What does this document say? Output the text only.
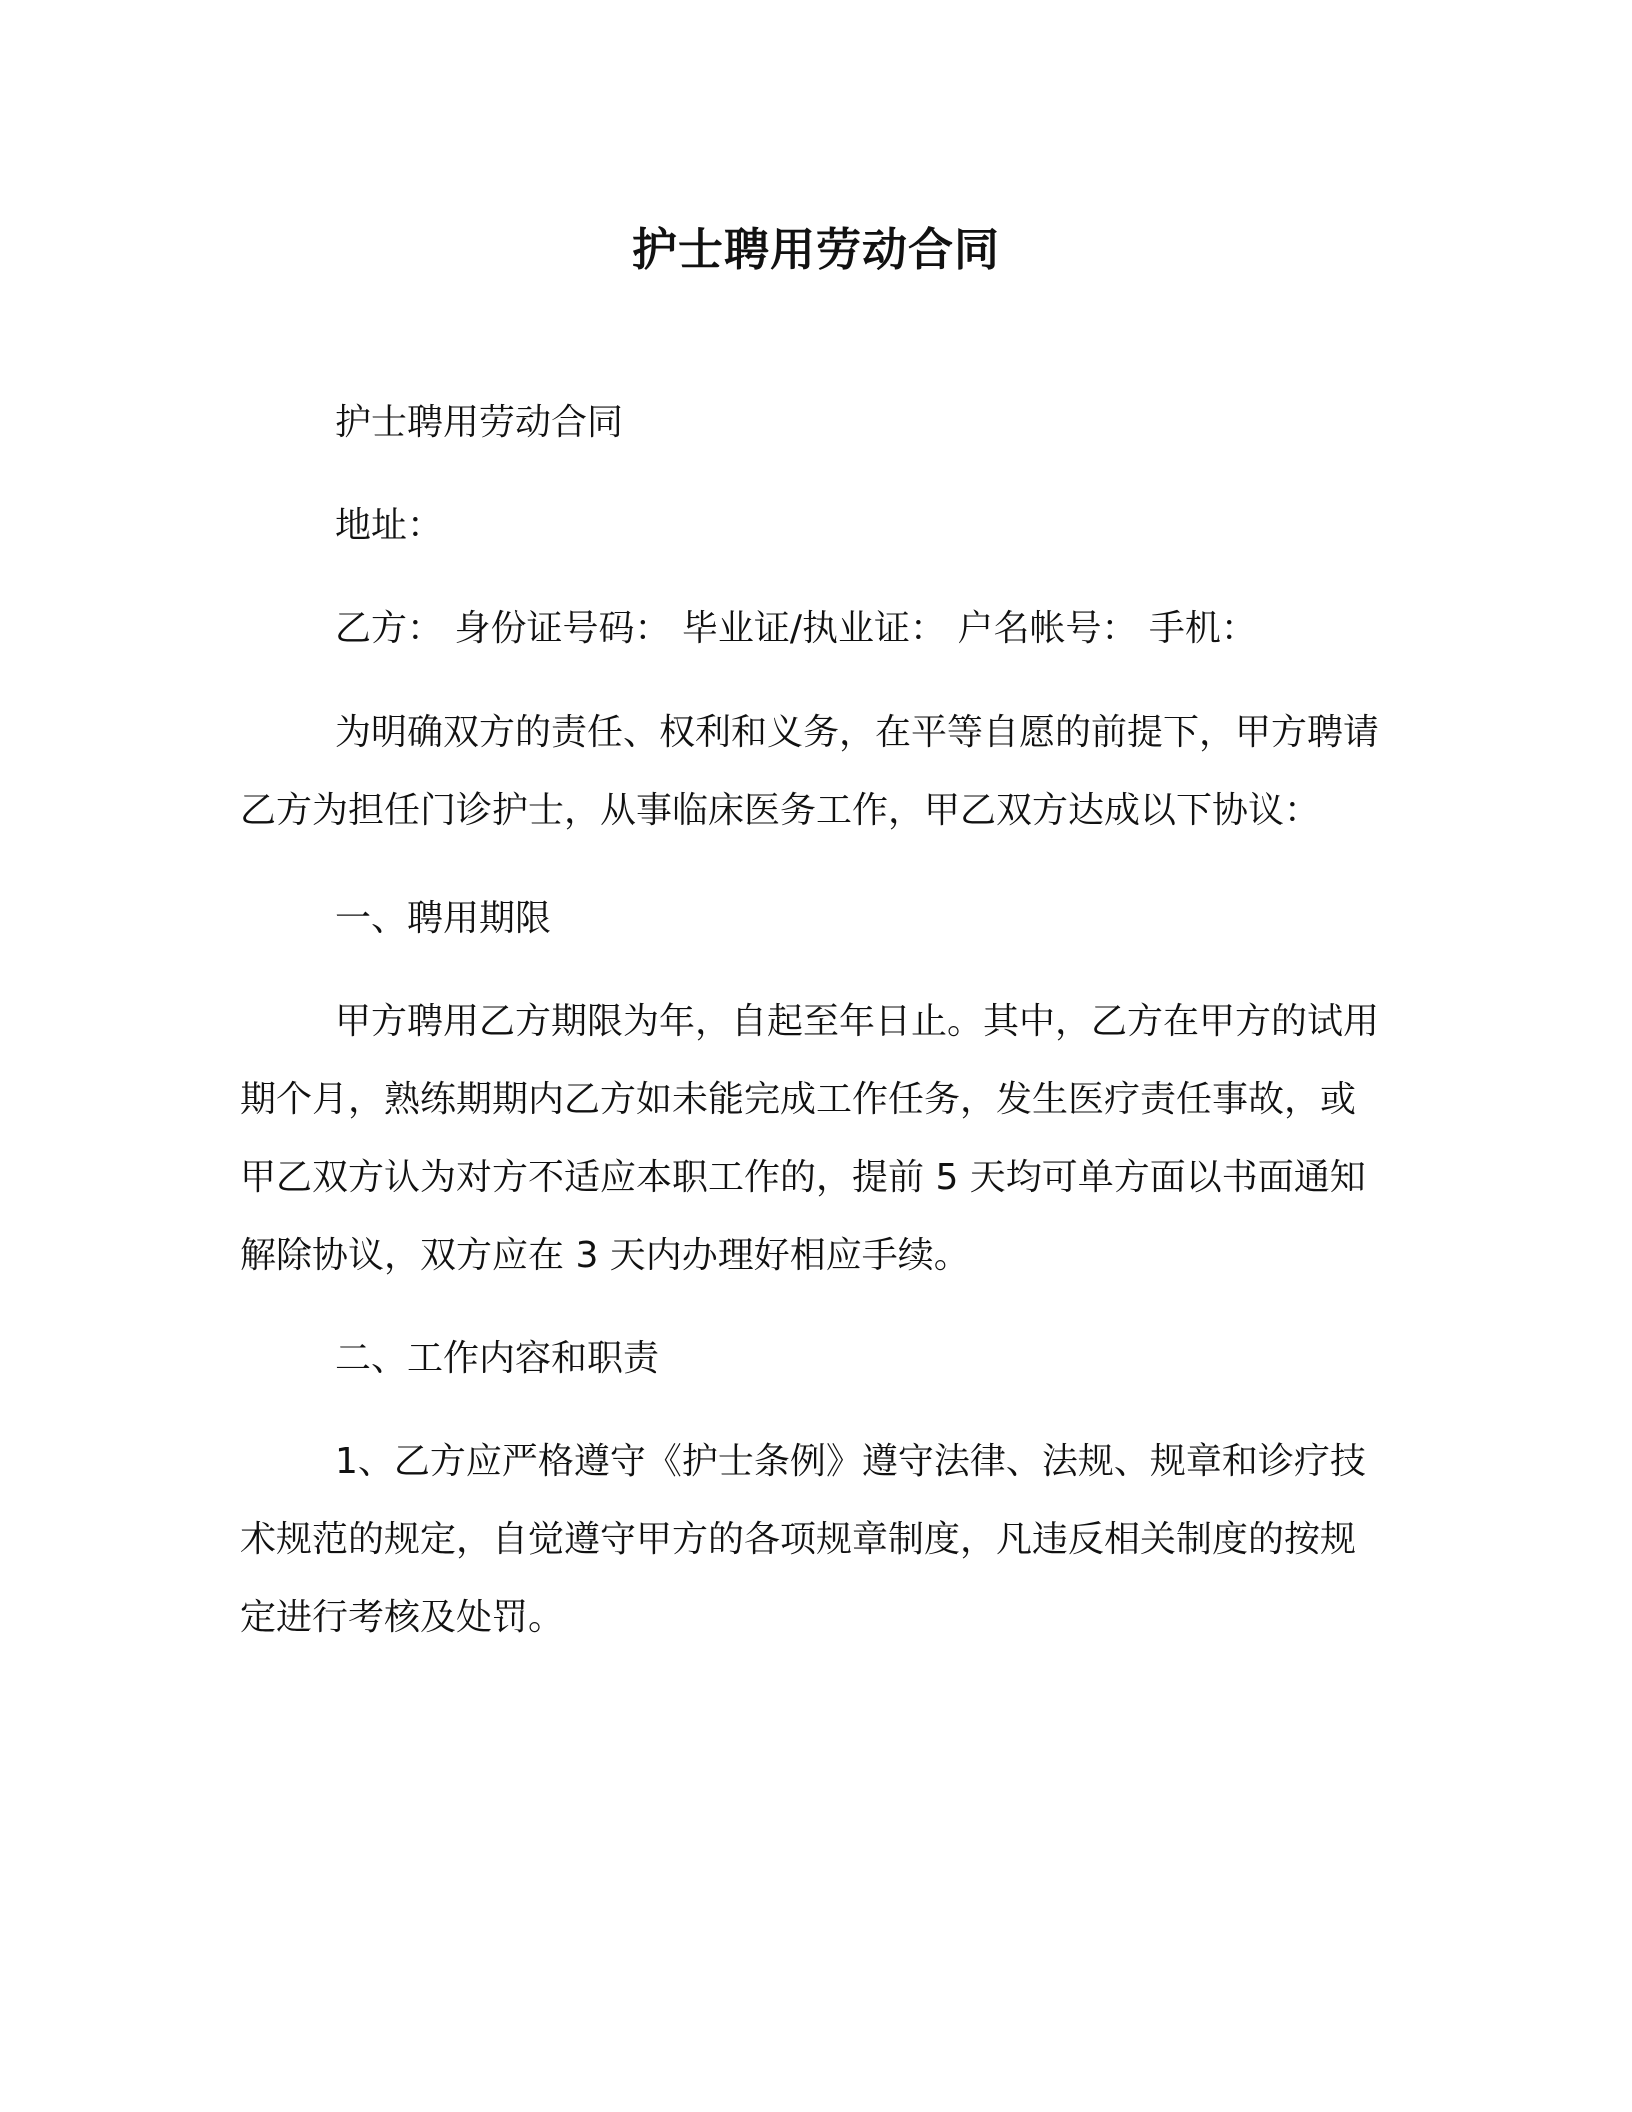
护士聘用劳动合同

护士聘用劳动合同

地址：

乙方： 身份证号码： 毕业证/执业证： 户名帐号： 手机：

为明确双方的责任、权利和义务，在平等自愿的前提下，甲方聘请乙方为担任门诊护士，从事临床医务工作，甲乙双方达成以下协议：

一、聘用期限

甲方聘用乙方期限为年，自起至年日止。其中，乙方在甲方的试用期个月，熟练期期内乙方如未能完成工作任务，发生医疗责任事故，或甲乙双方认为对方不适应本职工作的，提前 5 天均可单方面以书面通知解除协议，双方应在 3 天内办理好相应手续。

二、工作内容和职责

1、乙方应严格遵守《护士条例》遵守法律、法规、规章和诊疗技术规范的规定，自觉遵守甲方的各项规章制度，凡违反相关制度的按规定进行考核及处罚。
